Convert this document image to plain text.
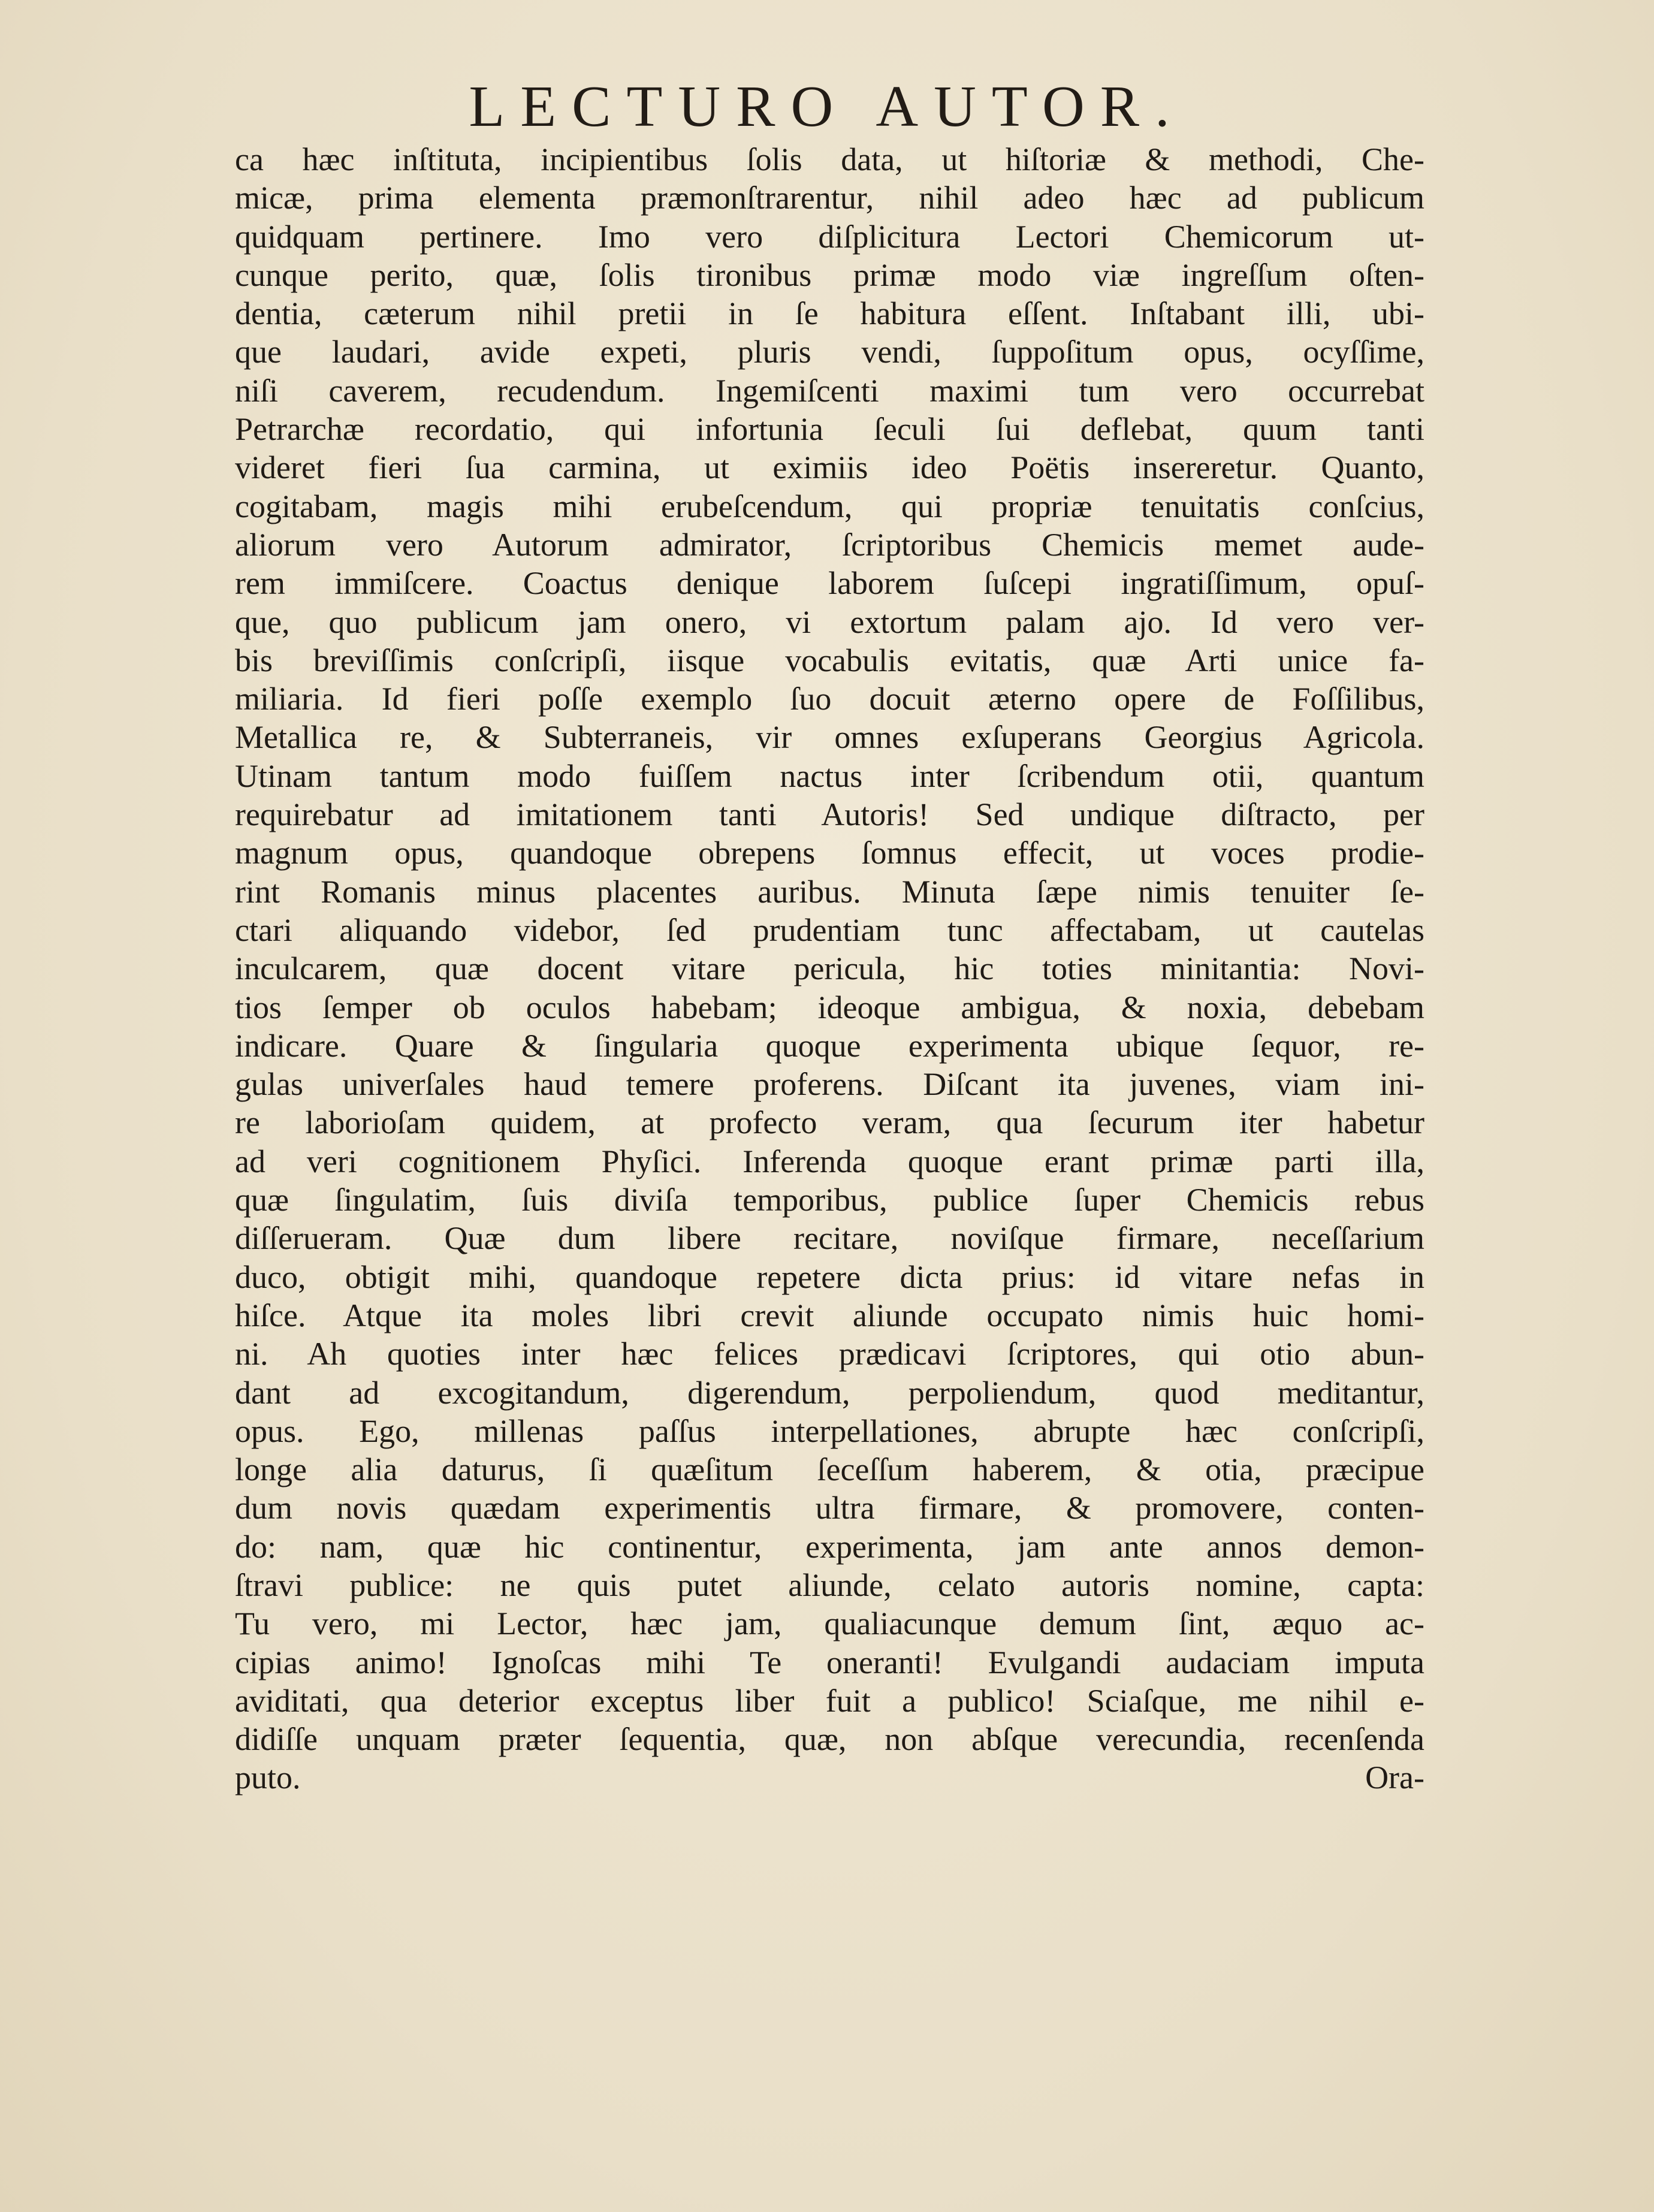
LECTURO AUTOR.
ca hæc inſtituta, incipientibus ſolis data, ut hiſtoriæ & methodi, Che-
micæ, prima elementa præmonſtrarentur, nihil adeo hæc ad publicum
quidquam pertinere. Imo vero diſplicitura Lectori Chemicorum ut-
cunque perito, quæ, ſolis tironibus primæ modo viæ ingreſſum oſten-
dentia, cæterum nihil pretii in ſe habitura eſſent. Inſtabant illi, ubi-
que laudari, avide expeti, pluris vendi, ſuppoſitum opus, ocyſſime,
niſi caverem, recudendum. Ingemiſcenti maximi tum vero occurrebat
Petrarchæ recordatio, qui infortunia ſeculi ſui deflebat, quum tanti
videret fieri ſua carmina, ut eximiis ideo Poëtis insereretur. Quanto,
cogitabam, magis mihi erubeſcendum, qui propriæ tenuitatis conſcius,
aliorum vero Autorum admirator, ſcriptoribus Chemicis memet aude-
rem immiſcere. Coactus denique laborem ſuſcepi ingratiſſimum, opuſ-
que, quo publicum jam onero, vi extortum palam ajo. Id vero ver-
bis breviſſimis conſcripſi, iisque vocabulis evitatis, quæ Arti unice fa-
miliaria. Id fieri poſſe exemplo ſuo docuit æterno opere de Foſſilibus,
Metallica re, & Subterraneis, vir omnes exſuperans Georgius Agricola.
Utinam tantum modo fuiſſem nactus inter ſcribendum otii, quantum
requirebatur ad imitationem tanti Autoris! Sed undique diſtracto, per
magnum opus, quandoque obrepens ſomnus effecit, ut voces prodie-
rint Romanis minus placentes auribus. Minuta ſæpe nimis tenuiter ſe-
ctari aliquando videbor, ſed prudentiam tunc affectabam, ut cautelas
inculcarem, quæ docent vitare pericula, hic toties minitantia: Novi-
tios ſemper ob oculos habebam; ideoque ambigua, & noxia, debebam
indicare. Quare & ſingularia quoque experimenta ubique ſequor, re-
gulas univerſales haud temere proferens. Diſcant ita juvenes, viam ini-
re laborioſam quidem, at profecto veram, qua ſecurum iter habetur
ad veri cognitionem Phyſici. Inferenda quoque erant primæ parti illa,
quæ ſingulatim, ſuis diviſa temporibus, publice ſuper Chemicis rebus
diſſerueram. Quæ dum libere recitare, noviſque firmare, neceſſarium
duco, obtigit mihi, quandoque repetere dicta prius: id vitare nefas in
hiſce. Atque ita moles libri crevit aliunde occupato nimis huic homi-
ni. Ah quoties inter hæc felices prædicavi ſcriptores, qui otio abun-
dant ad excogitandum, digerendum, perpoliendum, quod meditantur,
opus. Ego, millenas paſſus interpellationes, abrupte hæc conſcripſi,
longe alia daturus, ſi quæſitum ſeceſſum haberem, & otia, præcipue
dum novis quædam experimentis ultra firmare, & promovere, conten-
do: nam, quæ hic continentur, experimenta, jam ante annos demon-
ſtravi publice: ne quis putet aliunde, celato autoris nomine, capta:
Tu vero, mi Lector, hæc jam, qualiacunque demum ſint, æquo ac-
cipias animo! Ignoſcas mihi Te oneranti! Evulgandi audaciam imputa
aviditati, qua deterior exceptus liber fuit a publico! Sciaſque, me nihil e-
didiſſe unquam præter ſequentia, quæ, non abſque verecundia, recenſenda
puto.	Ora-
